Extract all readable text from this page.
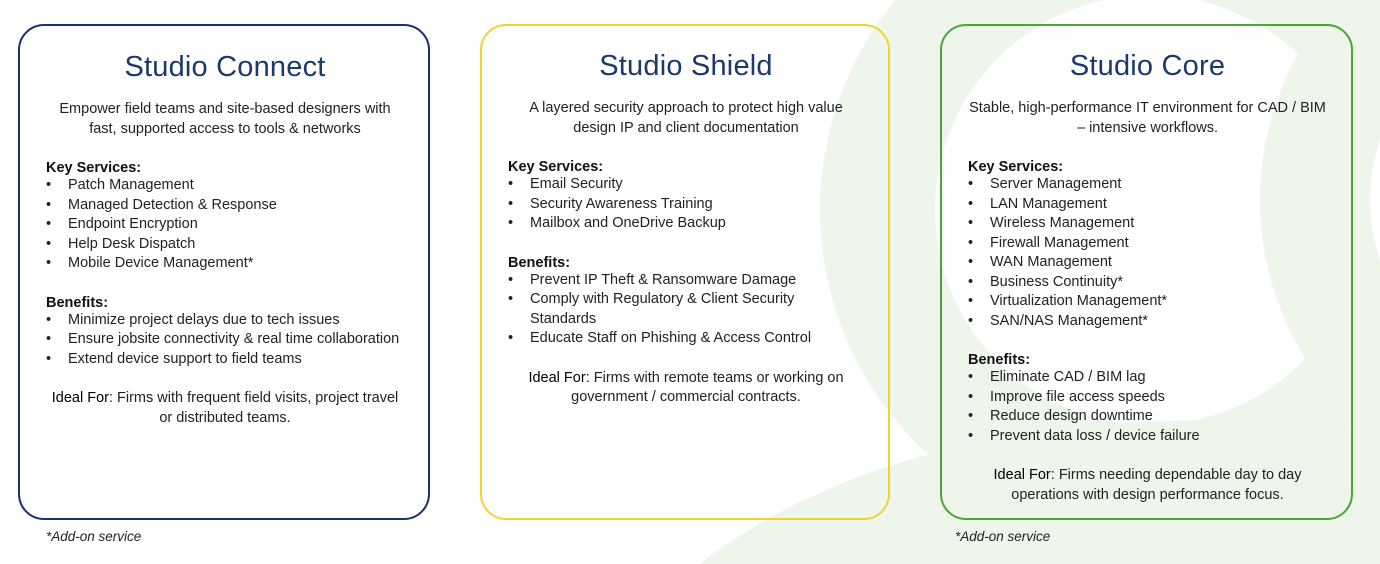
Studio Connect
Empower field teams and site-based designers with fast, supported access to tools & networks
Key Services:
• Patch Management
• Managed Detection & Response
• Endpoint Encryption
• Help Desk Dispatch
• Mobile Device Management*
Benefits:
• Minimize project delays due to tech issues
• Ensure jobsite connectivity & real time collaboration
• Extend device support to field teams
Ideal For: Firms with frequent field visits, project travel or distributed teams.
Studio Shield
A layered security approach to protect high value design IP and client documentation
Key Services:
• Email Security
• Security Awareness Training
• Mailbox and OneDrive Backup
Benefits:
• Prevent IP Theft & Ransomware Damage
• Comply with Regulatory & Client Security Standards
• Educate Staff on Phishing & Access Control
Ideal For: Firms with remote teams or working on government / commercial contracts.
Studio Core
Stable, high-performance IT environment for CAD / BIM – intensive workflows.
Key Services:
• Server Management
• LAN Management
• Wireless Management
• Firewall Management
• WAN Management
• Business Continuity*
• Virtualization Management*
• SAN/NAS Management*
Benefits:
• Eliminate CAD / BIM lag
• Improve file access speeds
• Reduce design downtime
• Prevent data loss / device failure
Ideal For: Firms needing dependable day to day operations with design performance focus.
*Add-on service	*Add-on service
